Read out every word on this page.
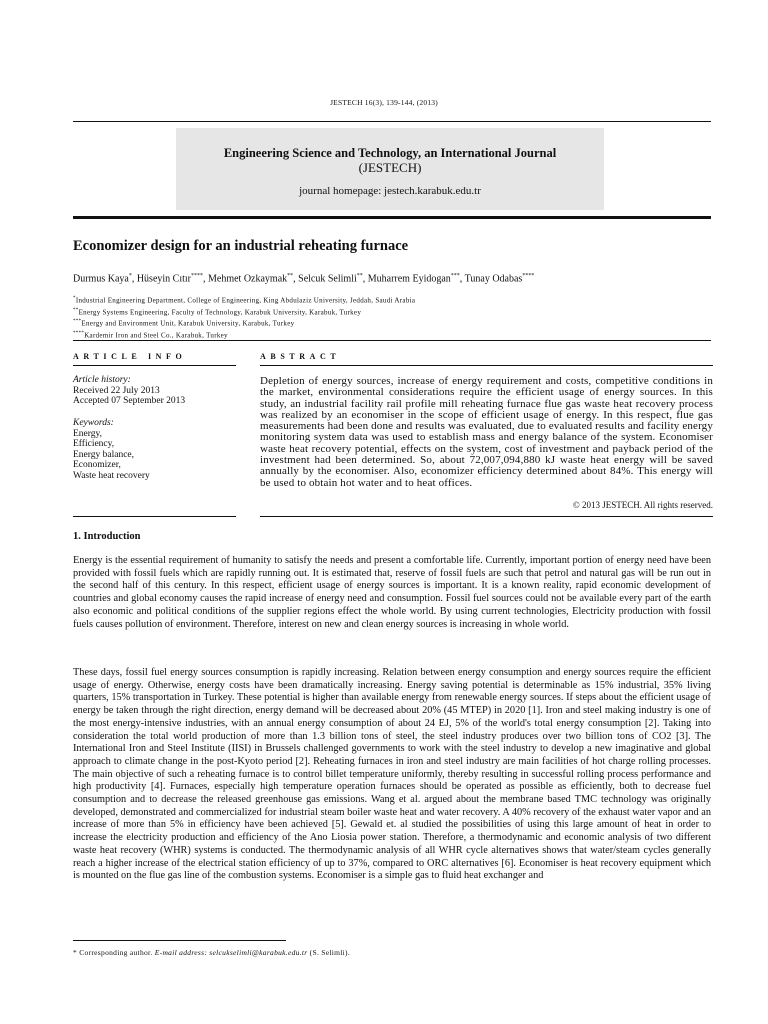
JESTECH 16(3), 139-144, (2013)
Engineering Science and Technology, an International Journal
(JESTECH)
journal homepage: jestech.karabuk.edu.tr
Economizer design for an industrial reheating furnace
Durmus Kaya*, Hüseyin Cıtır****, Mehmet Ozkaymak**, Selcuk Selimli**, Muharrem Eyidogan***, Tunay Odabas****
*Industrial Engineering Department, College of Engineering, King Abdulaziz University, Jeddah, Saudi Arabia
**Energy Systems Engineering, Faculty of Technology, Karabuk University, Karabuk, Turkey
***Energy and Environment Unit, Karabuk University, Karabuk, Turkey
****Kardemir Iron and Steel Co., Karabuk, Turkey
ARTICLE INFO	ABSTRACT
Article history:
Received 22 July 2013
Accepted 07 September 2013
Keywords:
Energy,
Efficiency,
Energy balance,
Economizer,
Waste heat recovery
Depletion of energy sources, increase of energy requirement and costs, competitive conditions in the market, environmental considerations require the efficient usage of energy sources. In this study, an industrial facility rail profile mill reheating furnace flue gas waste heat recovery process was realized by an economiser in the scope of efficient usage of energy. In this respect, flue gas measurements had been done and results was evaluated, due to evaluated results and facility energy monitoring system data was used to establish mass and energy balance of the system. Economiser waste heat recovery potential, effects on the system, cost of investment and payback period of the investment had been determined. So, about 72,007,094,880 kJ waste heat energy will be saved annually by the economiser. Also, economizer efficiency determined about 84%. This energy will be used to obtain hot water and to heat offices.
© 2013 JESTECH. All rights reserved.
1. Introduction
Energy is the essential requirement of humanity to satisfy the needs and present a comfortable life. Currently, important portion of energy need have been provided with fossil fuels which are rapidly running out. It is estimated that, reserve of fossil fuels are such that petrol and natural gas will be run out in the second half of this century. In this respect, efficient usage of energy sources is important. It is a known reality, rapid economic development of countries and global economy causes the rapid increase of energy need and consumption. Fossil fuel sources could not be available every part of the earth also economic and political conditions of the supplier regions effect the whole world. By using current technologies, Electricity production with fossil fuels causes pollution of environment. Therefore, interest on new and clean energy sources is increasing in whole world.
These days, fossil fuel energy sources consumption is rapidly increasing. Relation between energy consumption and energy sources require the efficient usage of energy. Otherwise, energy costs have been dramatically increasing. Energy saving potential is determinable as 15% industrial, 35% living quarters, 15% transportation in Turkey. These potential is higher than available energy from renewable energy sources. If steps about the efficient usage of energy be taken through the right direction, energy demand will be decreased about 20% (45 MTEP) in 2020 [1]. Iron and steel making industry is one of the most energy-intensive industries, with an annual energy consumption of about 24 EJ, 5% of the world's total energy consumption [2]. Taking into consideration the total world production of more than 1.3 billion tons of steel, the steel industry produces over two billion tons of CO2 [3]. The International Iron and Steel Institute (IISI) in Brussels challenged governments to work with the steel industry to develop a new imaginative and global approach to climate change in the post-Kyoto period [2]. Reheating furnaces in iron and steel industry are main facilities of hot charge rolling processes. The main objective of such a reheating furnace is to control billet temperature uniformly, thereby resulting in successful rolling process performance and high productivity [4]. Furnaces, especially high temperature operation furnaces should be operated as possible as efficiently, both to decrease fuel consumption and to decrease the released greenhouse gas emissions. Wang et al. argued about the membrane based TMC technology was originally developed, demonstrated and commercialized for industrial steam boiler waste heat and water recovery. A 40% recovery of the exhaust water vapor and an increase of more than 5% in efficiency have been achieved [5]. Gewald et. al studied the possibilities of using this large amount of heat in order to increase the electricity production and efficiency of the Ano Liosia power station. Therefore, a thermodynamic and economic analysis of two different waste heat recovery (WHR) systems is conducted. The thermodynamic analysis of all WHR cycle alternatives shows that water/steam cycles generally reach a higher increase of the electrical station efficiency of up to 37%, compared to ORC alternatives [6]. Economiser is heat recovery equipment which is mounted on the flue gas line of the combustion systems. Economiser is a simple gas to fluid heat exchanger and
* Corresponding author. E-mail address: selcukselimli@karabuk.edu.tr (S. Selimli).
